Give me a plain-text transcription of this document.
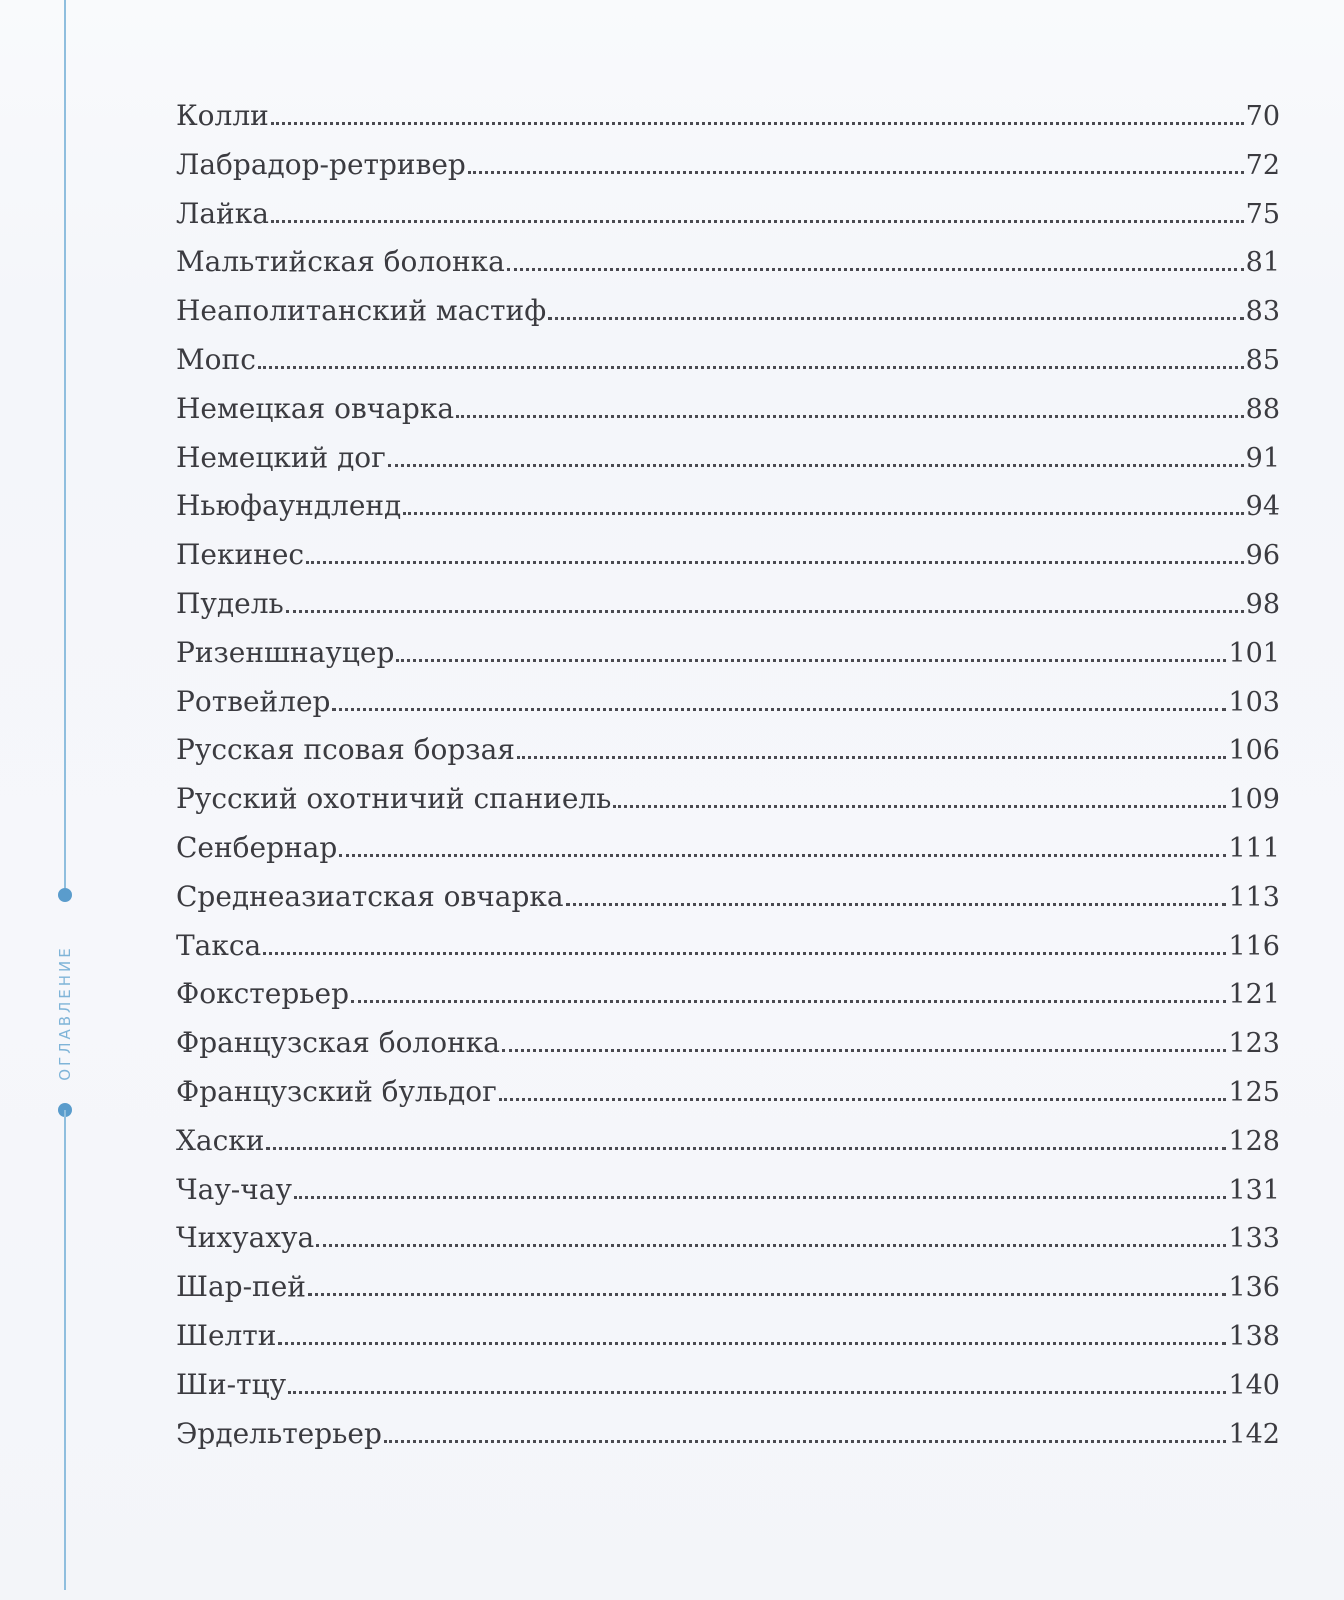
ОГЛАВЛЕНИЕ
Колли	70
Лабрадор-ретривер	72
Лайка	75
Мальтийская болонка	81
Неаполитанский мастиф	83
Мопс	85
Немецкая овчарка	88
Немецкий дог	91
Ньюфаундленд	94
Пекинес	96
Пудель	98
Ризеншнауцер	101
Ротвейлер	103
Русская псовая борзая	106
Русский охотничий спаниель	109
Сенбернар	111
Среднеазиатская овчарка	113
Такса	116
Фокстерьер	121
Французская болонка	123
Французский бульдог	125
Хаски	128
Чау-чау	131
Чихуахуа	133
Шар-пей	136
Шелти	138
Ши-тцу	140
Эрдельтерьер	142
